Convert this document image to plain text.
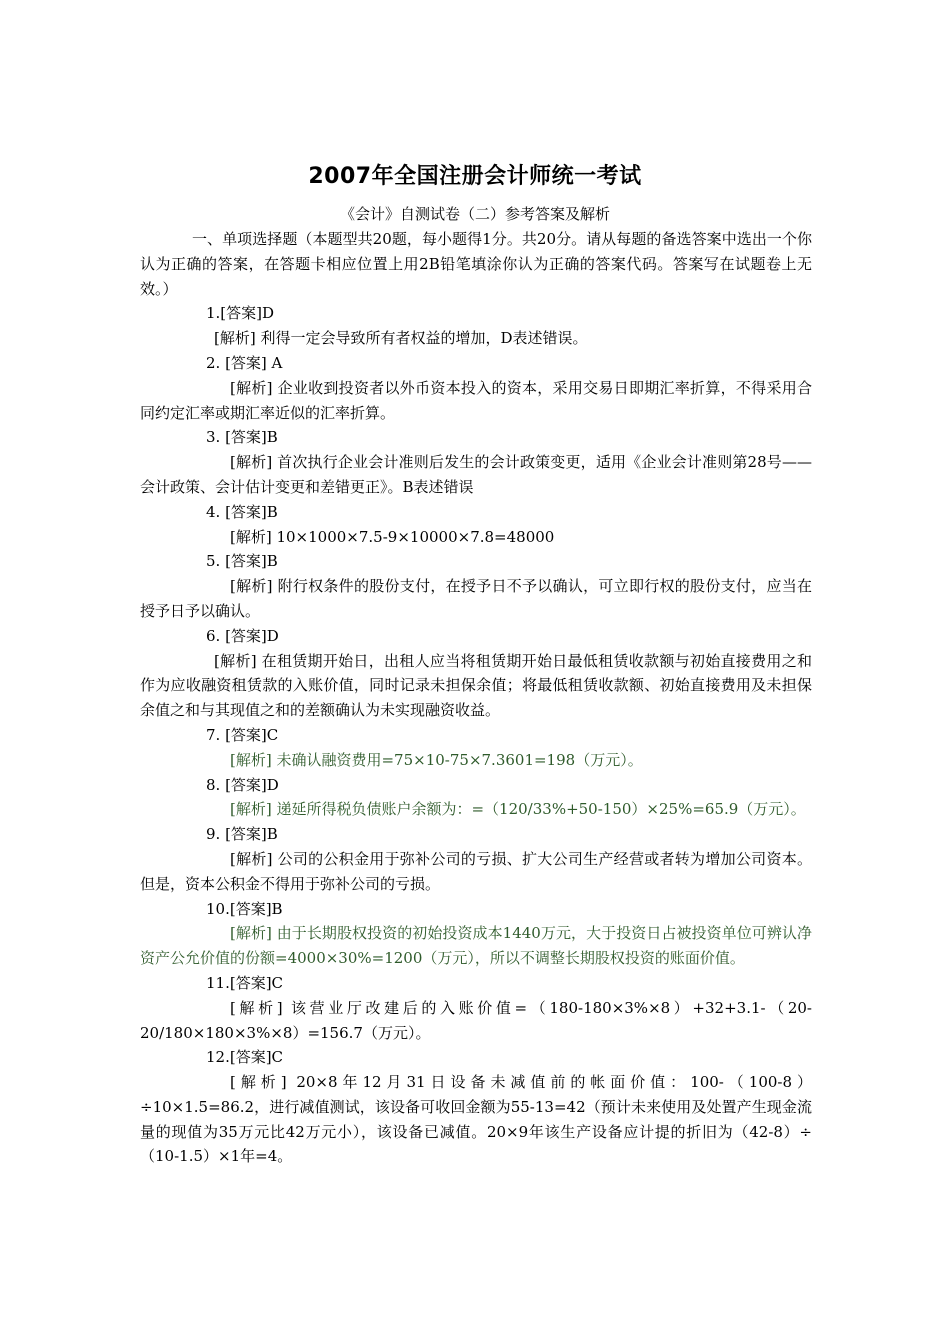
2007年全国注册会计师统一考试
《会计》自测试卷（二）参考答案及解析

一、单项选择题（本题型共20题，每小题得1分。共20分。请从每题的备选答案中选出一个你认为正确的答案，在答题卡相应位置上用2B铅笔填涂你认为正确的答案代码。答案写在试题卷上无效。）

1.[答案]D

[解析] 利得一定会导致所有者权益的增加，D表述错误。

2. [答案] A

[解析] 企业收到投资者以外币资本投入的资本，采用交易日即期汇率折算，不得采用合同约定汇率或期汇率近似的汇率折算。

3. [答案]B

[解析] 首次执行企业会计准则后发生的会计政策变更，适用《企业会计准则第28号——会计政策、会计估计变更和差错更正》。B表述错误

4. [答案]B

[解析] 10×1000×7.5-9×10000×7.8=48000

5. [答案]B

[解析] 附行权条件的股份支付，在授予日不予以确认，可立即行权的股份支付，应当在授予日予以确认。

6. [答案]D

[解析] 在租赁期开始日，出租人应当将租赁期开始日最低租赁收款额与初始直接费用之和作为应收融资租赁款的入账价值，同时记录未担保余值；将最低租赁收款额、初始直接费用及未担保余值之和与其现值之和的差额确认为未实现融资收益。

7. [答案]C

[解析] 未确认融资费用=75×10-75×7.3601=198（万元）。

8. [答案]D

[解析] 递延所得税负债账户余额为：=（120/33%+50-150）×25%=65.9（万元）。

9. [答案]B

[解析] 公司的公积金用于弥补公司的亏损、扩大公司生产经营或者转为增加公司资本。但是，资本公积金不得用于弥补公司的亏损。

10.[答案]B

[解析] 由于长期股权投资的初始投资成本1440万元，大于投资日占被投资单位可辨认净资产公允价值的份额=4000×30%=1200（万元），所以不调整长期股权投资的账面价值。

11.[答案]C

[解析] 该营业厅改建后的入账价值=（180-180×3%×8）+32+3.1-（20-20/180×180×3%×8）=156.7（万元）。

12.[答案]C

[解析] 20×8年12月31日设备未减值前的帐面价值：100-（100-8）÷10×1.5=86.2，进行减值测试，该设备可收回金额为55-13=42（预计未来使用及处置产生现金流量的现值为35万元比42万元小），该设备已减值。20×9年该生产设备应计提的折旧为（42-8）÷（10-1.5）×1年=4。
